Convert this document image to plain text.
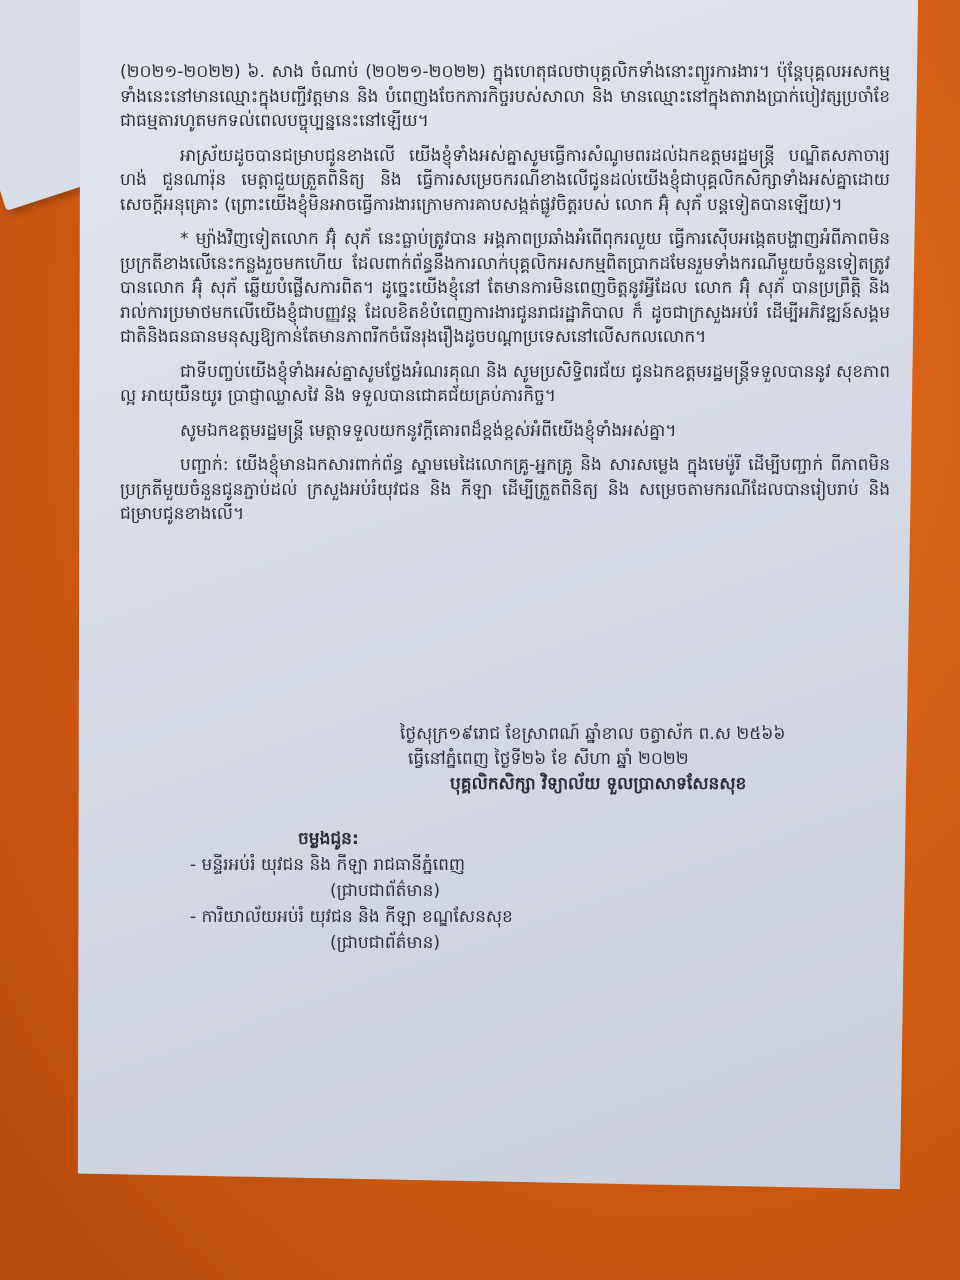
(២០២១-២០២២) ៦. សាង ចំណាប់ (២០២១-២០២២) ក្នុងហេតុផលថាបុគ្គលិកទាំងនោះព្យួរការងារ។ ប៉ុន្តែបុគ្គលអសកម្មទាំងនេះនៅមានឈ្មោះក្នុងបញ្ជីវត្តមាន និង បំពេញងចែកភារកិច្ចរបស់សាលា និង មានឈ្មោះនៅក្នុងតារាងប្រាក់បៀវត្សប្រចាំខែ ជាធម្មតារហូតមកទល់ពេលបច្ចុប្បន្ននេះនៅឡើយ។

អាស្រ័យដូចបានជម្រាបជូនខាងលើ យើងខ្ញុំទាំងអស់គ្នាសូមធ្វើការសំណូមពរដល់ឯកឧត្តមរដ្ឋមន្ត្រី បណ្ឌិតសភាចារ្យ ហង់ ជួនណារ៉ុន មេត្តាជួយត្រួតពិនិត្យ និង ធ្វើការសម្រេចករណីខាងលើជូនដល់យើងខ្ញុំជាបុគ្គលិកសិក្សាទាំងអស់គ្នាដោយសេចក្ដីអនុគ្រោះ (ព្រោះយើងខ្ញុំមិនអាចធ្វើការងារក្រោមការគាបសង្កត់ផ្លូវចិត្តរបស់ លោក អ៊ុំ សុភ័ បន្តទៀតបានឡើយ)។

* ម្យ៉ាងវិញទៀតលោក អ៊ុំ សុភ័ នេះធ្លាប់ត្រូវបាន អង្គភាពប្រឆាំងអំពើពុករលួយ ធ្វើការស៊ើបអង្កេតបង្ហាញអំពីភាពមិនប្រក្រតីខាងលើនេះកន្លងរួចមកហើយ ដែលពាក់ព័ន្ធនឹងការលាក់បុគ្គលិកអសកម្មពិតប្រាកដមែនរួមទាំងករណីមួយចំនួនទៀតត្រូវបានលោក អ៊ុំ សុភ័ ឆ្លើយបំផ្លើសការពិត។ ដូច្នេះយើងខ្ញុំនៅ តែមានការមិនពេញចិត្តនូវអ្វីដែល លោក អ៊ុំ សុភ័ បានប្រព្រឹត្តិ និង រាល់ការប្រមាថមកលើយើងខ្ញុំជាបញ្ញវន្ត ដែលខិតខំបំពេញការងារជូនរាជរដ្ឋាភិបាល ក៏ ដូចជាក្រសួងអប់រំ ដើម្បីអភិវឌ្ឍន៍សង្គមជាតិនិងធនធានមនុស្សឱ្យកាន់តែមានភាពរីកចំរើនរុងរឿងដូចបណ្ដាប្រទេសនៅលើសកលលោក។

ជាទីបញ្ចប់យើងខ្ញុំទាំងអស់គ្នាសូមថ្លែងអំណរគុណ និង សូមប្រសិទ្ធិពរជ័យ ជូនឯកឧត្តមរដ្ឋមន្ត្រីទទួលបាននូវ សុខភាពល្អ អាយុយឺនយូរ ប្រាជ្ញាឈ្លាសវៃ និង ទទួលបានជោគជ័យគ្រប់ភារកិច្ច។

សូមឯកឧត្តមរដ្ឋមន្ត្រី មេត្តាទទួលយកនូវក្តីគោរពដ៏ខ្ពង់ខ្ពស់អំពីយើងខ្ញុំទាំងអស់គ្នា។

បញ្ជាក់: យើងខ្ញុំមានឯកសារពាក់ព័ន្ធ ស្នាមមេដៃលោកគ្រូ-អ្នកគ្រូ និង សារសម្លេង ក្នុងមេម៉ូរី ដើម្បីបញ្ជាក់ ពីភាពមិនប្រក្រតីមួយចំនួនជូនភ្ជាប់ដល់ ក្រសួងអប់រំយុវជន និង កីឡា ដើម្បីត្រួតពិនិត្យ និង សម្រេចតាមករណីដែលបានរៀបរាប់ និង ជម្រាបជូនខាងលើ។

ថ្ងៃសុក្រ១៩រោជ ខែស្រាពណ៍ ឆ្នាំខាល ចត្វាស័ក ព.ស ២៥៦៦
ធ្វើនៅភ្នំពេញ ថ្ងៃទី២៦ ខែ សីហា ឆ្នាំ ២០២២
បុគ្គលិកសិក្សា វិទ្យាល័យ ទួលប្រាសាទសែនសុខ
ចម្លងជូន:
- មន្ទីរអប់រំ យុវជន និង កីឡា រាជធានីភ្នំពេញ
(ជ្រាបជាព័ត៌មាន)
- ការិយាល័យអប់រំ យុវជន និង កីឡា ខណ្ឌសែនសុខ
(ជ្រាបជាព័ត៌មាន)
